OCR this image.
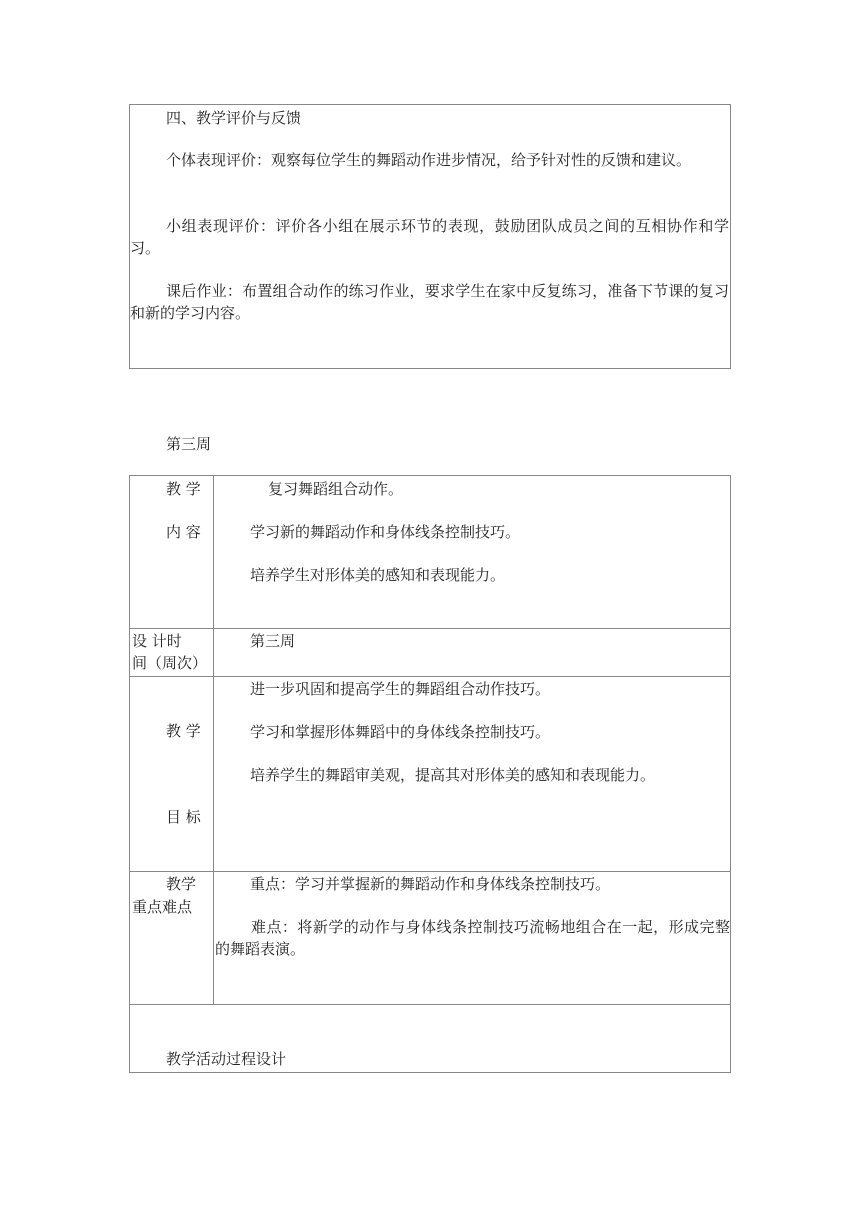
四、教学评价与反馈

个体表现评价：观察每位学生的舞蹈动作进步情况，给予针对性的反馈和建议。

小组表现评价：评价各小组在展示环节的表现，鼓励团队成员之间的互相协作和学习。

课后作业：布置组合动作的练习作业，要求学生在家中反复练习，准备下节课的复习和新的学习内容。

第三周

教 学

内 容

复习舞蹈组合动作。

学习新的舞蹈动作和身体线条控制技巧。

培养学生对形体美的感知和表现能力。

设 计时

间（周次）

第三周

教 学

目 标

进一步巩固和提高学生的舞蹈组合动作技巧。

学习和掌握形体舞蹈中的身体线条控制技巧。

培养学生的舞蹈审美观，提高其对形体美的感知和表现能力。

教学

重点难点

重点：学习并掌握新的舞蹈动作和身体线条控制技巧。

难点：将新学的动作与身体线条控制技巧流畅地组合在一起，形成完整的舞蹈表演。

教学活动过程设计
